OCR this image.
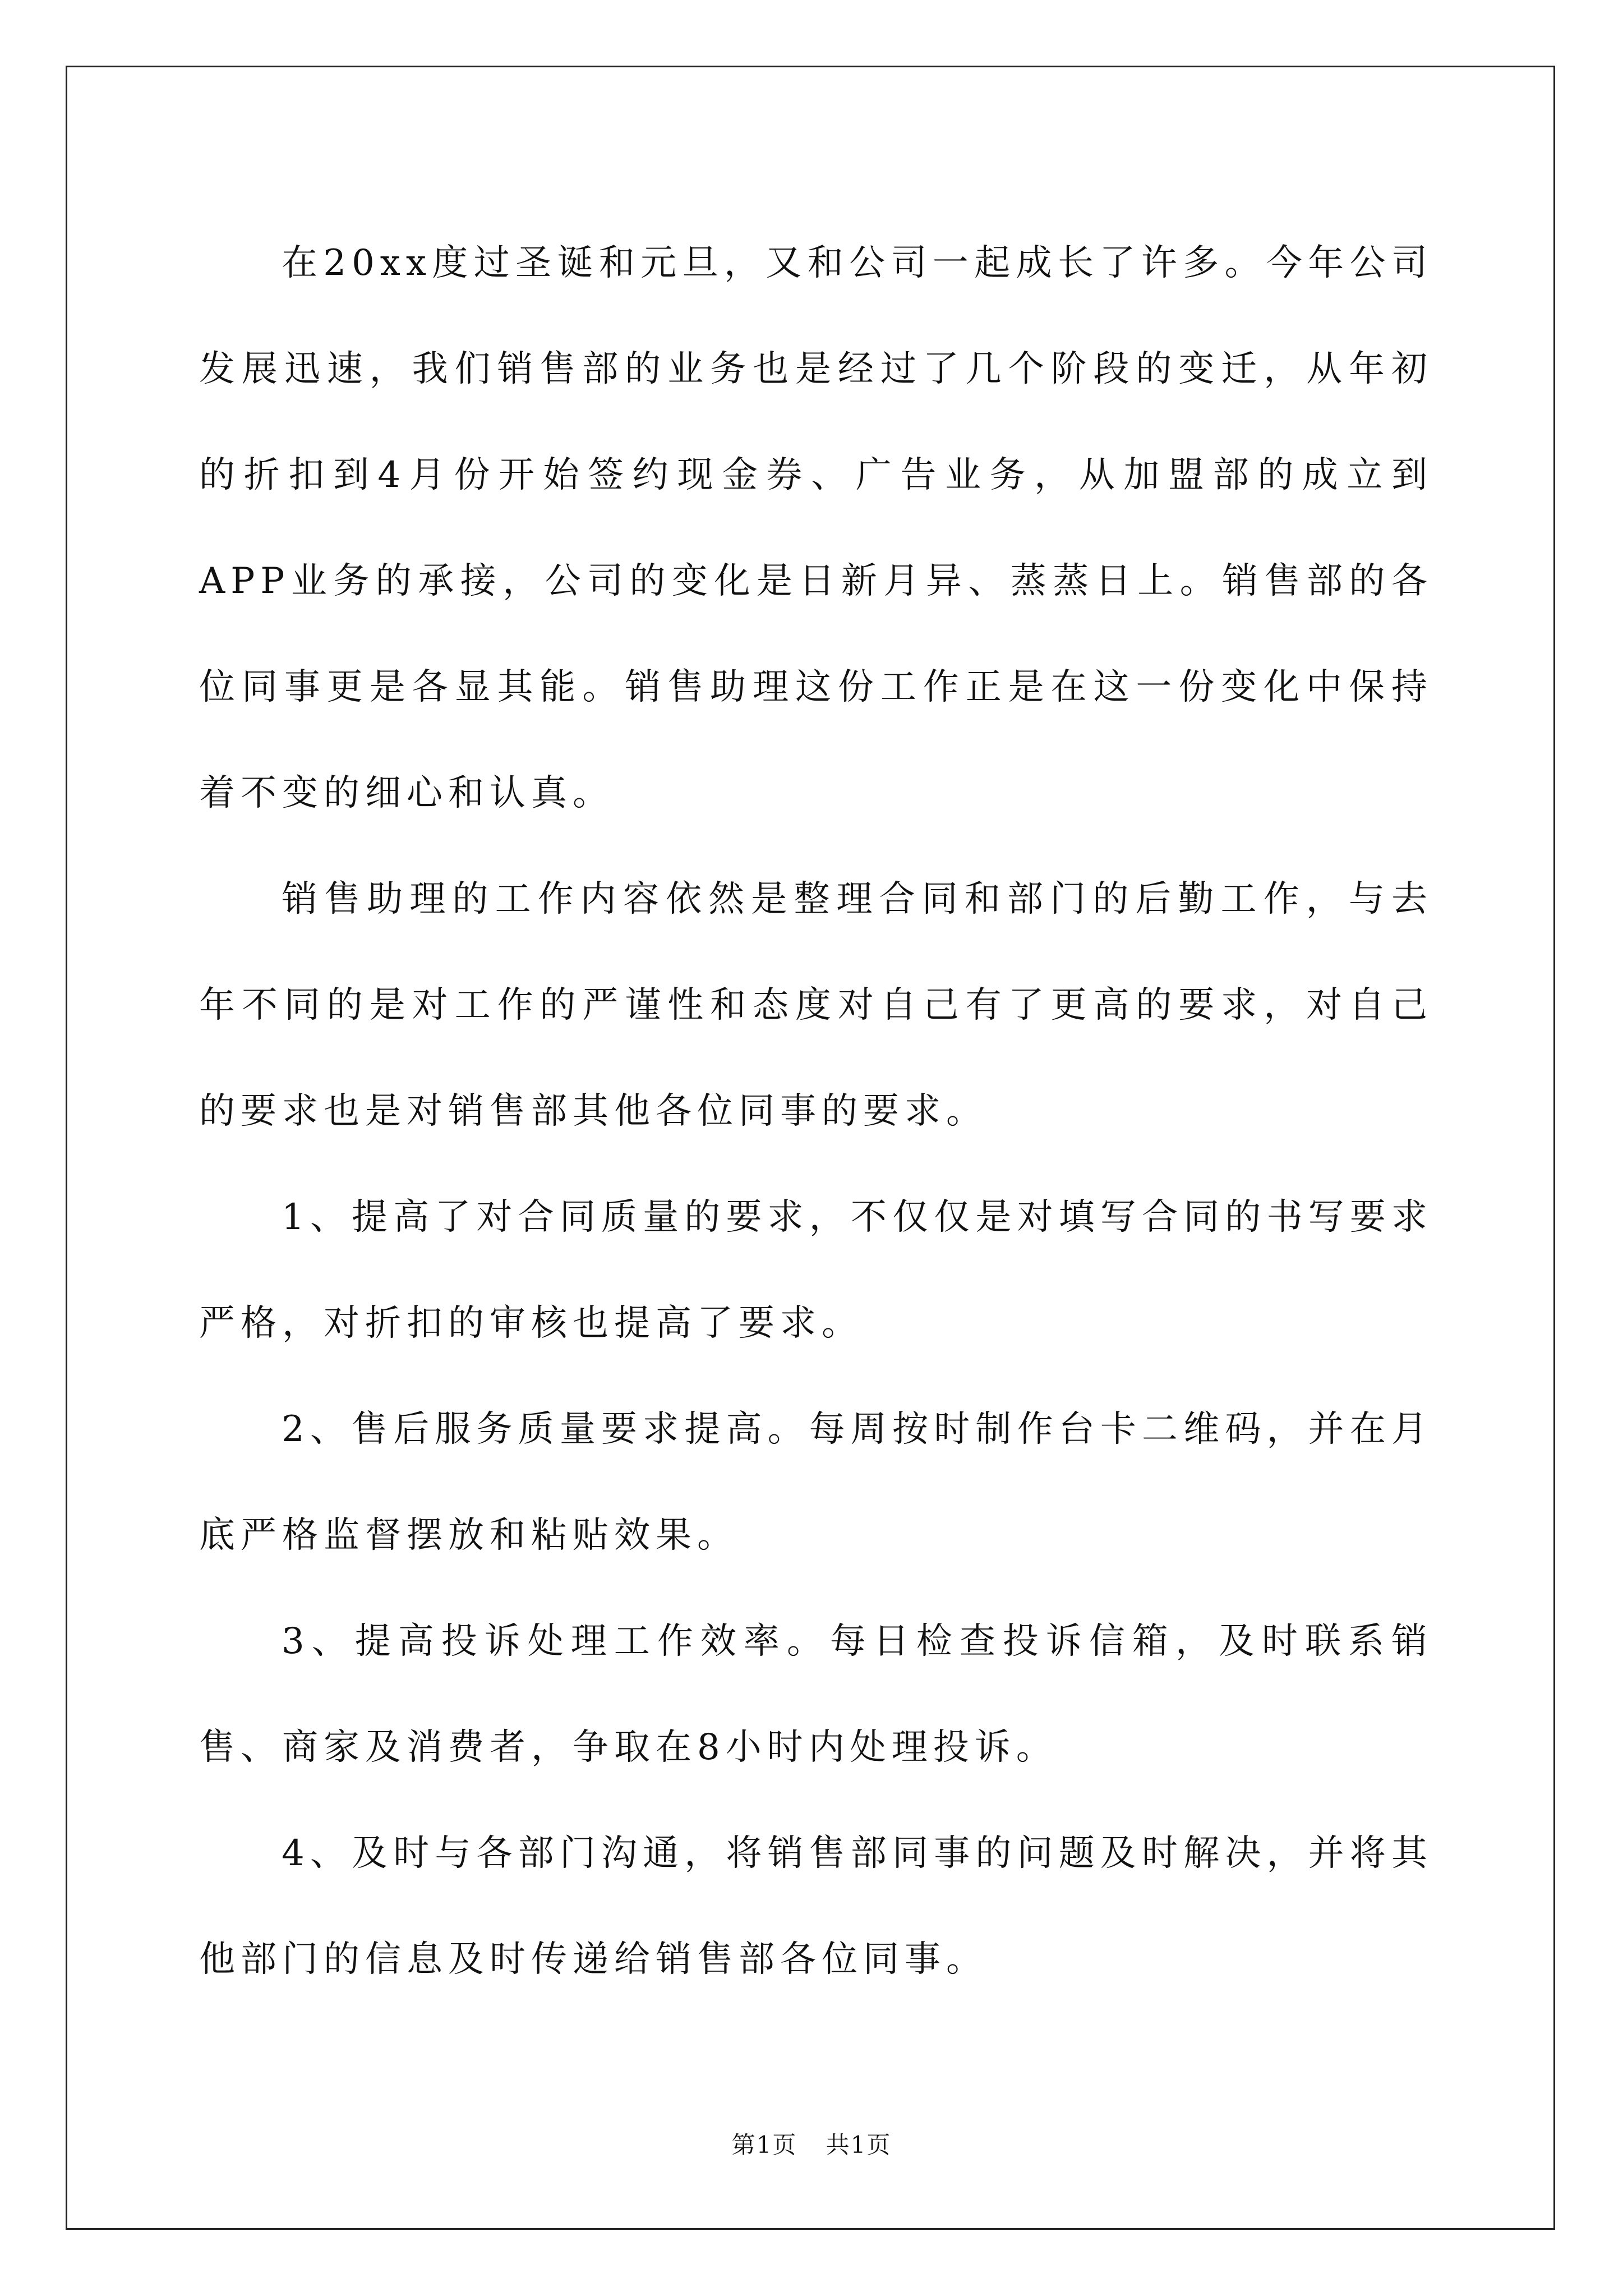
在20xx度过圣诞和元旦，又和公司一起成长了许多。今年公司发展迅速，我们销售部的业务也是经过了几个阶段的变迁，从年初的折扣到4月份开始签约现金券、广告业务，从加盟部的成立到APP业务的承接，公司的变化是日新月异、蒸蒸日上。销售部的各位同事更是各显其能。销售助理这份工作正是在这一份变化中保持着不变的细心和认真。

销售助理的工作内容依然是整理合同和部门的后勤工作，与去年不同的是对工作的严谨性和态度对自己有了更高的要求，对自己的要求也是对销售部其他各位同事的要求。

1、提高了对合同质量的要求，不仅仅是对填写合同的书写要求严格，对折扣的审核也提高了要求。

2、售后服务质量要求提高。每周按时制作台卡二维码，并在月底严格监督摆放和粘贴效果。

3、提高投诉处理工作效率。每日检查投诉信箱，及时联系销售、商家及消费者，争取在8小时内处理投诉。

4、及时与各部门沟通，将销售部同事的问题及时解决，并将其他部门的信息及时传递给销售部各位同事。

第1页 共1页
